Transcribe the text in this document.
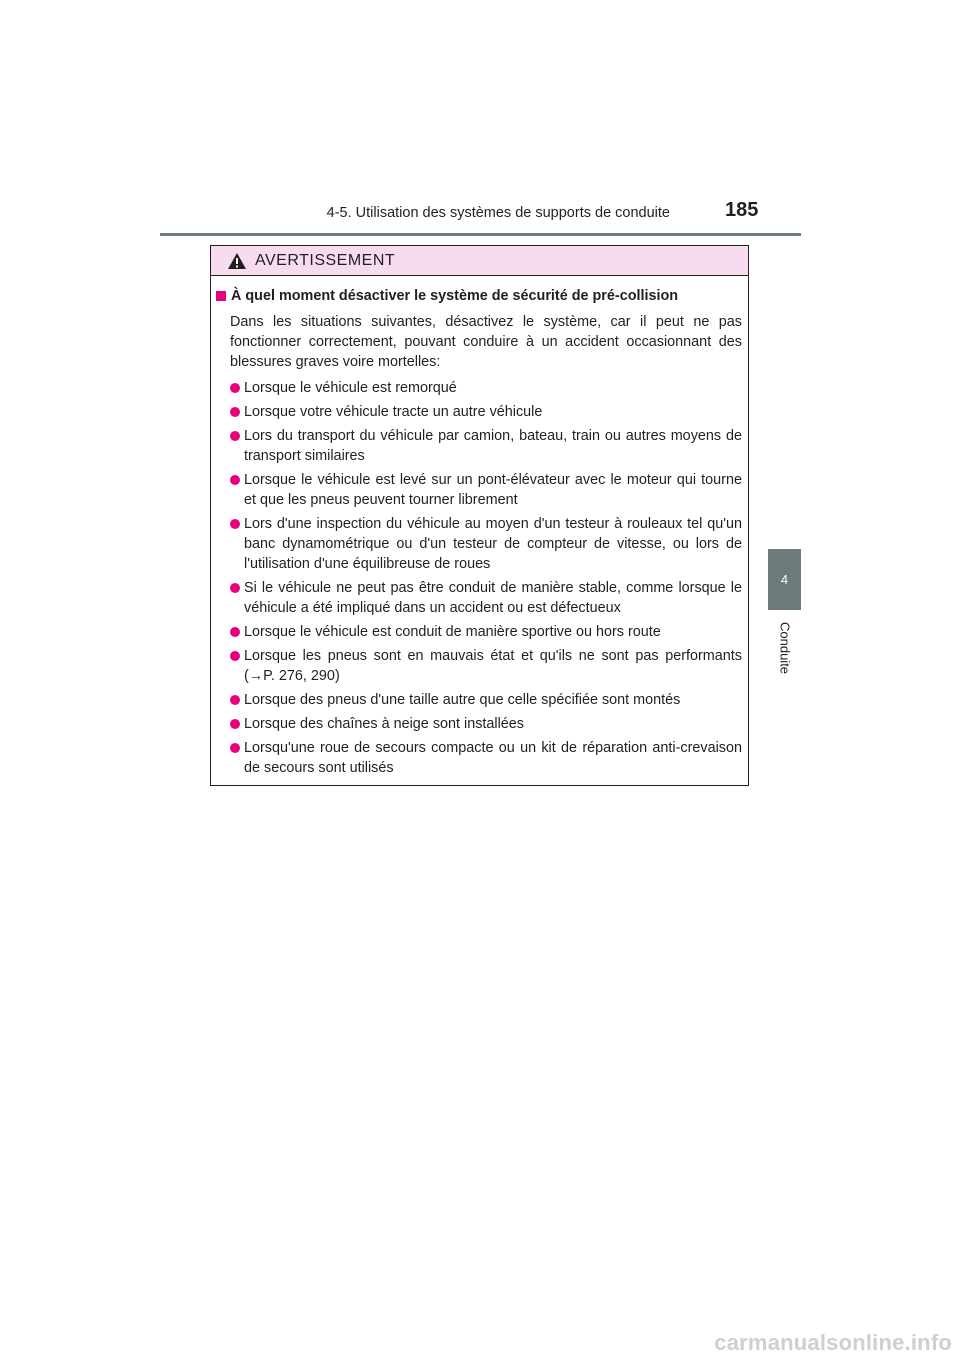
4-5. Utilisation des systèmes de supports de conduite	185
4
Conduite
AVERTISSEMENT
À quel moment désactiver le système de sécurité de pré-collision
Dans les situations suivantes, désactivez le système, car il peut ne pas fonctionner correctement, pouvant conduire à un accident occasionnant des blessures graves voire mortelles:
Lorsque le véhicule est remorqué
Lorsque votre véhicule tracte un autre véhicule
Lors du transport du véhicule par camion, bateau, train ou autres moyens de transport similaires
Lorsque le véhicule est levé sur un pont-élévateur avec le moteur qui tourne et que les pneus peuvent tourner librement
Lors d'une inspection du véhicule au moyen d'un testeur à rouleaux tel qu'un banc dynamométrique ou d'un testeur de compteur de vitesse, ou lors de l'utilisation d'une équilibreuse de roues
Si le véhicule ne peut pas être conduit de manière stable, comme lorsque le véhicule a été impliqué dans un accident ou est défectueux
Lorsque le véhicule est conduit de manière sportive ou hors route
Lorsque les pneus sont en mauvais état et qu'ils ne sont pas performants (→P. 276, 290)
Lorsque des pneus d'une taille autre que celle spécifiée sont montés
Lorsque des chaînes à neige sont installées
Lorsqu'une roue de secours compacte ou un kit de réparation anti-crevaison de secours sont utilisés
carmanualsonline.info
